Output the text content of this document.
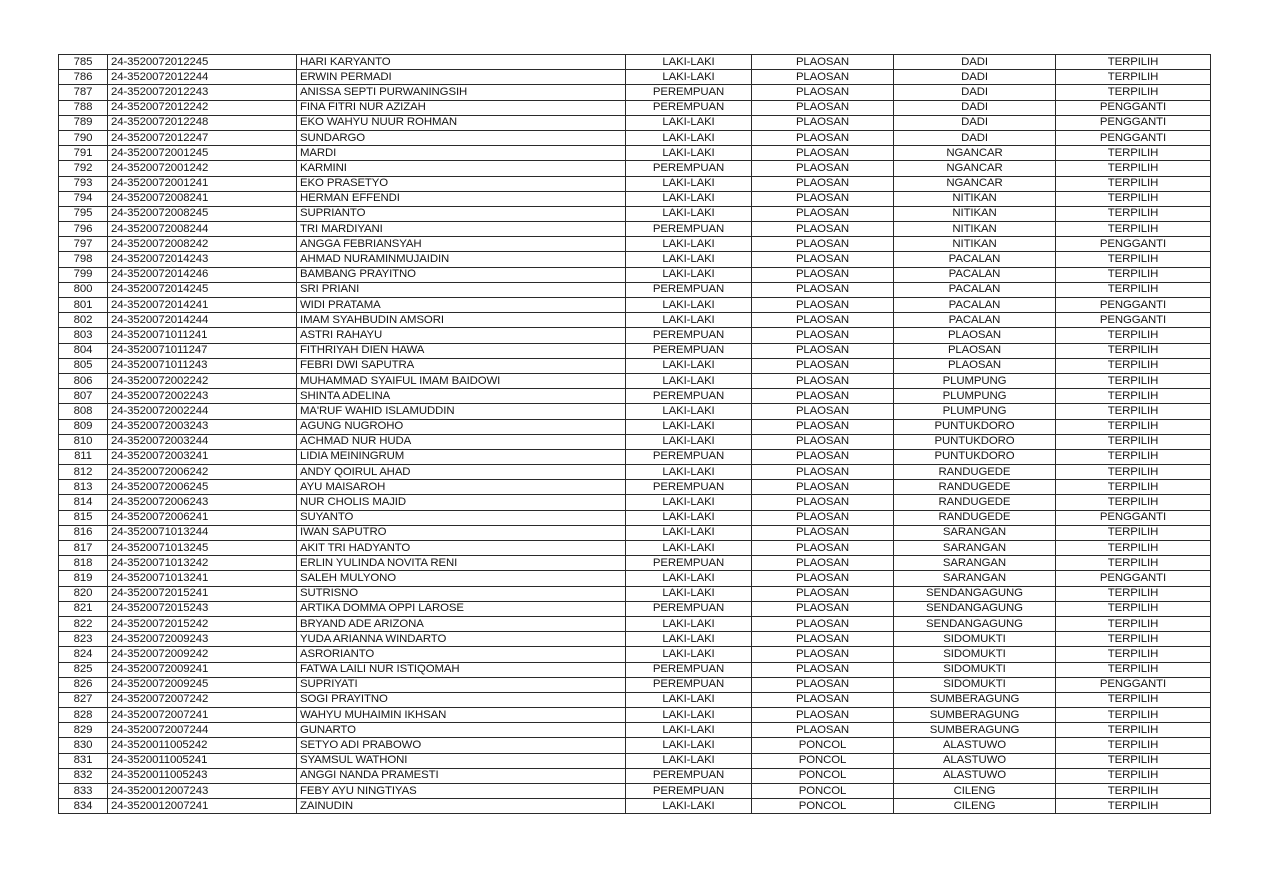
785	24-3520072012245	HARI KARYANTO	LAKI-LAKI	PLAOSAN	DADI	TERPILIH
786	24-3520072012244	ERWIN PERMADI	LAKI-LAKI	PLAOSAN	DADI	TERPILIH
787	24-3520072012243	ANISSA SEPTI PURWANINGSIH	PEREMPUAN	PLAOSAN	DADI	TERPILIH
788	24-3520072012242	FINA FITRI NUR AZIZAH	PEREMPUAN	PLAOSAN	DADI	PENGGANTI
789	24-3520072012248	EKO WAHYU NUUR ROHMAN	LAKI-LAKI	PLAOSAN	DADI	PENGGANTI
790	24-3520072012247	SUNDARGO	LAKI-LAKI	PLAOSAN	DADI	PENGGANTI
791	24-3520072001245	MARDI	LAKI-LAKI	PLAOSAN	NGANCAR	TERPILIH
792	24-3520072001242	KARMINI	PEREMPUAN	PLAOSAN	NGANCAR	TERPILIH
793	24-3520072001241	EKO PRASETYO	LAKI-LAKI	PLAOSAN	NGANCAR	TERPILIH
794	24-3520072008241	HERMAN EFFENDI	LAKI-LAKI	PLAOSAN	NITIKAN	TERPILIH
795	24-3520072008245	SUPRIANTO	LAKI-LAKI	PLAOSAN	NITIKAN	TERPILIH
796	24-3520072008244	TRI MARDIYANI	PEREMPUAN	PLAOSAN	NITIKAN	TERPILIH
797	24-3520072008242	ANGGA FEBRIANSYAH	LAKI-LAKI	PLAOSAN	NITIKAN	PENGGANTI
798	24-3520072014243	AHMAD NURAMINMUJAIDIN	LAKI-LAKI	PLAOSAN	PACALAN	TERPILIH
799	24-3520072014246	BAMBANG PRAYITNO	LAKI-LAKI	PLAOSAN	PACALAN	TERPILIH
800	24-3520072014245	SRI PRIANI	PEREMPUAN	PLAOSAN	PACALAN	TERPILIH
801	24-3520072014241	WIDI PRATAMA	LAKI-LAKI	PLAOSAN	PACALAN	PENGGANTI
802	24-3520072014244	IMAM SYAHBUDIN AMSORI	LAKI-LAKI	PLAOSAN	PACALAN	PENGGANTI
803	24-3520071011241	ASTRI RAHAYU	PEREMPUAN	PLAOSAN	PLAOSAN	TERPILIH
804	24-3520071011247	FITHRIYAH DIEN HAWA	PEREMPUAN	PLAOSAN	PLAOSAN	TERPILIH
805	24-3520071011243	FEBRI DWI SAPUTRA	LAKI-LAKI	PLAOSAN	PLAOSAN	TERPILIH
806	24-3520072002242	MUHAMMAD SYAIFUL IMAM BAIDOWI	LAKI-LAKI	PLAOSAN	PLUMPUNG	TERPILIH
807	24-3520072002243	SHINTA ADELINA	PEREMPUAN	PLAOSAN	PLUMPUNG	TERPILIH
808	24-3520072002244	MA'RUF WAHID ISLAMUDDIN	LAKI-LAKI	PLAOSAN	PLUMPUNG	TERPILIH
809	24-3520072003243	AGUNG NUGROHO	LAKI-LAKI	PLAOSAN	PUNTUKDORO	TERPILIH
810	24-3520072003244	ACHMAD NUR HUDA	LAKI-LAKI	PLAOSAN	PUNTUKDORO	TERPILIH
811	24-3520072003241	LIDIA MEININGRUM	PEREMPUAN	PLAOSAN	PUNTUKDORO	TERPILIH
812	24-3520072006242	ANDY QOIRUL AHAD	LAKI-LAKI	PLAOSAN	RANDUGEDE	TERPILIH
813	24-3520072006245	AYU MAISAROH	PEREMPUAN	PLAOSAN	RANDUGEDE	TERPILIH
814	24-3520072006243	NUR CHOLIS MAJID	LAKI-LAKI	PLAOSAN	RANDUGEDE	TERPILIH
815	24-3520072006241	SUYANTO	LAKI-LAKI	PLAOSAN	RANDUGEDE	PENGGANTI
816	24-3520071013244	IWAN SAPUTRO	LAKI-LAKI	PLAOSAN	SARANGAN	TERPILIH
817	24-3520071013245	AKIT TRI HADYANTO	LAKI-LAKI	PLAOSAN	SARANGAN	TERPILIH
818	24-3520071013242	ERLIN YULINDA NOVITA RENI	PEREMPUAN	PLAOSAN	SARANGAN	TERPILIH
819	24-3520071013241	SALEH MULYONO	LAKI-LAKI	PLAOSAN	SARANGAN	PENGGANTI
820	24-3520072015241	SUTRISNO	LAKI-LAKI	PLAOSAN	SENDANGAGUNG	TERPILIH
821	24-3520072015243	ARTIKA DOMMA OPPI LAROSE	PEREMPUAN	PLAOSAN	SENDANGAGUNG	TERPILIH
822	24-3520072015242	BRYAND ADE ARIZONA	LAKI-LAKI	PLAOSAN	SENDANGAGUNG	TERPILIH
823	24-3520072009243	YUDA ARIANNA WINDARTO	LAKI-LAKI	PLAOSAN	SIDOMUKTI	TERPILIH
824	24-3520072009242	ASRORIANTO	LAKI-LAKI	PLAOSAN	SIDOMUKTI	TERPILIH
825	24-3520072009241	FATWA LAILI NUR ISTIQOMAH	PEREMPUAN	PLAOSAN	SIDOMUKTI	TERPILIH
826	24-3520072009245	SUPRIYATI	PEREMPUAN	PLAOSAN	SIDOMUKTI	PENGGANTI
827	24-3520072007242	SOGI PRAYITNO	LAKI-LAKI	PLAOSAN	SUMBERAGUNG	TERPILIH
828	24-3520072007241	WAHYU MUHAIMIN IKHSAN	LAKI-LAKI	PLAOSAN	SUMBERAGUNG	TERPILIH
829	24-3520072007244	GUNARTO	LAKI-LAKI	PLAOSAN	SUMBERAGUNG	TERPILIH
830	24-3520011005242	SETYO ADI PRABOWO	LAKI-LAKI	PONCOL	ALASTUWO	TERPILIH
831	24-3520011005241	SYAMSUL WATHONI	LAKI-LAKI	PONCOL	ALASTUWO	TERPILIH
832	24-3520011005243	ANGGI NANDA PRAMESTI	PEREMPUAN	PONCOL	ALASTUWO	TERPILIH
833	24-3520012007243	FEBY AYU NINGTIYAS	PEREMPUAN	PONCOL	CILENG	TERPILIH
834	24-3520012007241	ZAINUDIN	LAKI-LAKI	PONCOL	CILENG	TERPILIH
